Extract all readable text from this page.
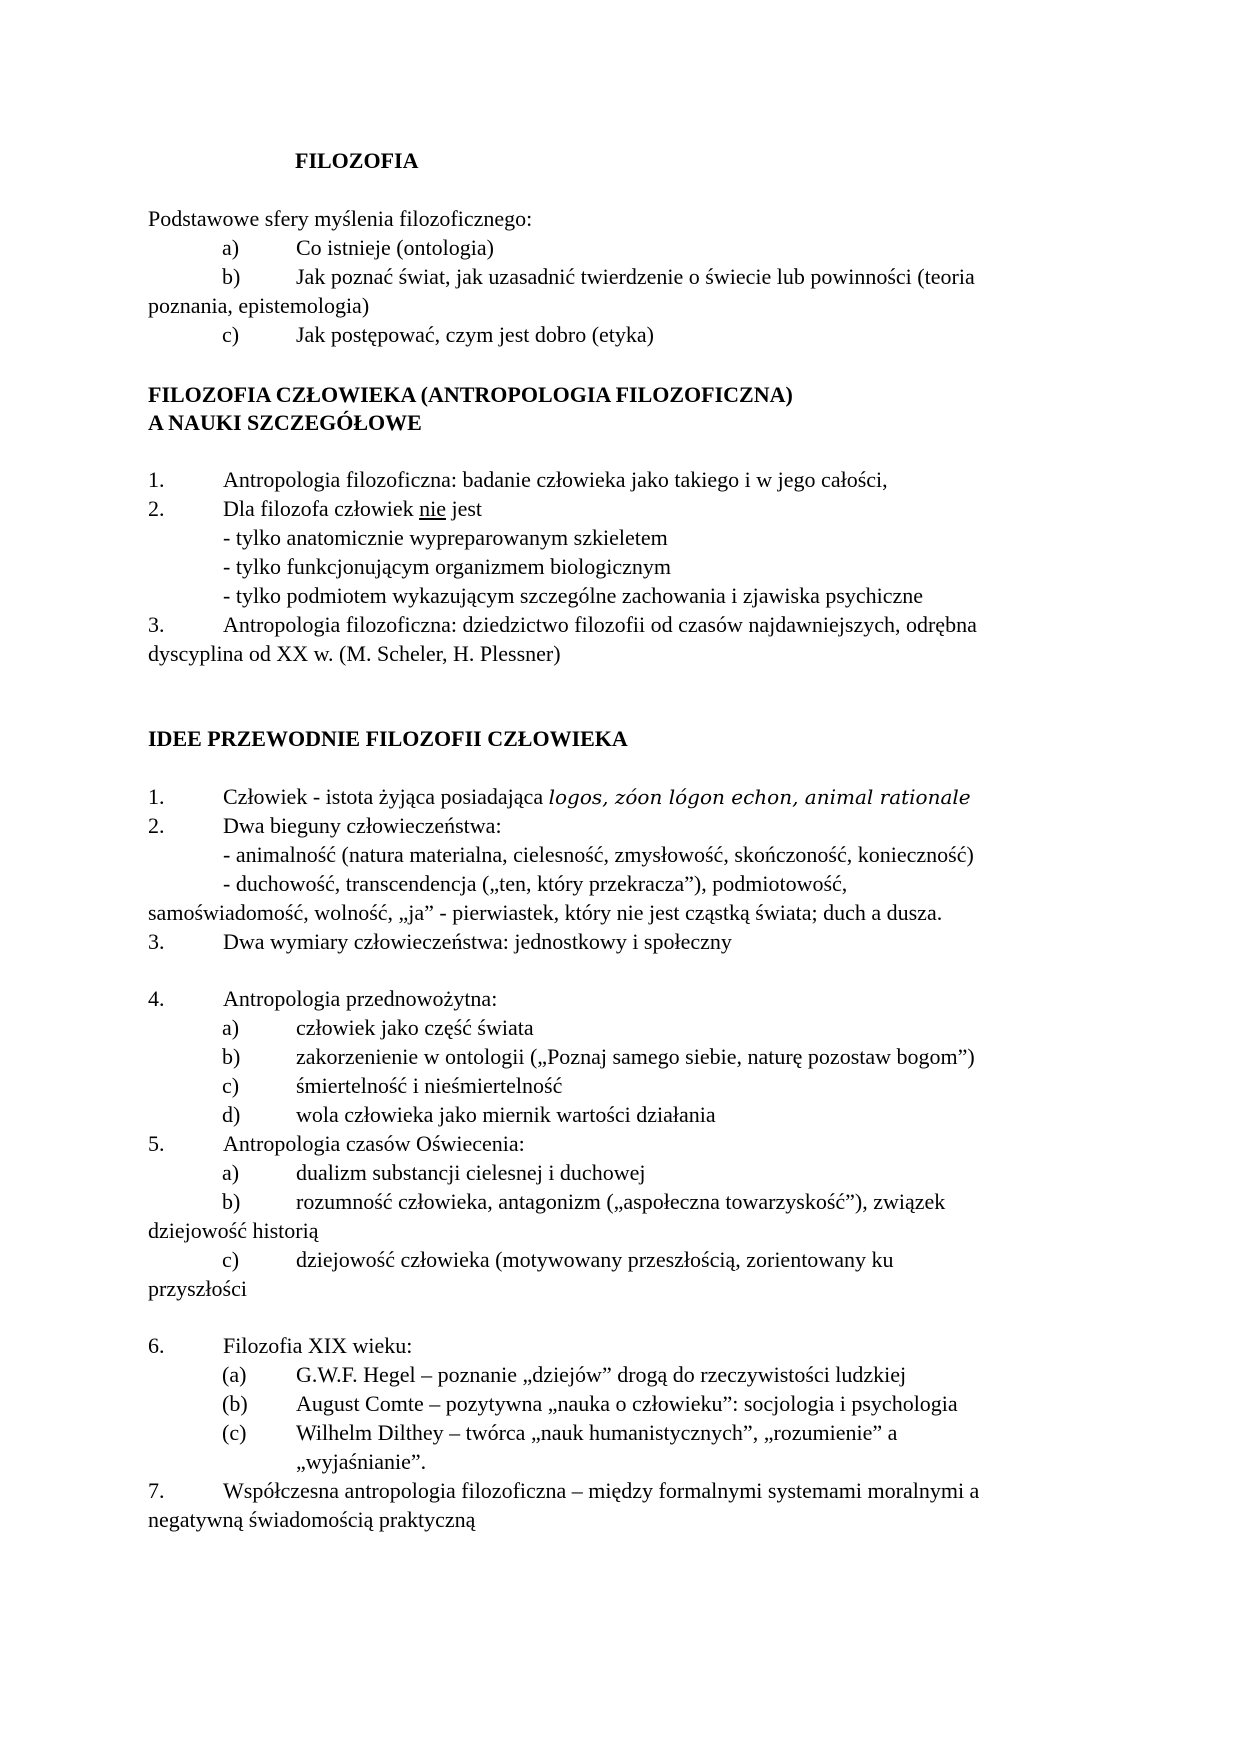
FILOZOFIA
Podstawowe sfery myślenia filozoficznego:
a)	Co istnieje (ontologia)
b)	Jak poznać świat, jak uzasadnić twierdzenie o świecie lub powinności (teoria
poznania, epistemologia)
c)	Jak postępować, czym jest dobro (etyka)
FILOZOFIA CZŁOWIEKA (ANTROPOLOGIA FILOZOFICZNA)
A NAUKI SZCZEGÓŁOWE
1.	Antropologia filozoficzna: badanie człowieka jako takiego i w jego całości,
2.	Dla filozofa człowiek nie jest
- tylko anatomicznie wypreparowanym szkieletem
- tylko funkcjonującym organizmem biologicznym
- tylko podmiotem wykazującym szczególne zachowania i zjawiska psychiczne
3.	Antropologia filozoficzna: dziedzictwo filozofii od czasów najdawniejszych, odrębna
dyscyplina od XX w. (M. Scheler, H. Plessner)
IDEE PRZEWODNIE FILOZOFII CZŁOWIEKA
1.	Człowiek - istota żyjąca posiadająca logos, zóon lógon echon, animal rationale
2.	Dwa bieguny człowieczeństwa:
- animalność (natura materialna, cielesność, zmysłowość, skończoność, konieczność)
- duchowość, transcendencja („ten, który przekracza”), podmiotowość,
samoświadomość, wolność, „ja” - pierwiastek, który nie jest cząstką świata; duch a dusza.
3.	Dwa wymiary człowieczeństwa: jednostkowy i społeczny
4.	Antropologia przednowożytna:
a)	człowiek jako część świata
b)	zakorzenienie w ontologii („Poznaj samego siebie, naturę pozostaw bogom”)
c)	śmiertelność i nieśmiertelność
d)	wola człowieka jako miernik wartości działania
5.	Antropologia czasów Oświecenia:
a)	dualizm substancji cielesnej i duchowej
b)	rozumność człowieka, antagonizm („aspołeczna towarzyskość”), związek
dziejowość historią
c)	dziejowość człowieka (motywowany przeszłością, zorientowany ku
przyszłości
6.	Filozofia XIX wieku:
(a) G.W.F. Hegel – poznanie „dziejów” drogą do rzeczywistości ludzkiej
(b) August Comte – pozytywna „nauka o człowieku”: socjologia i psychologia
(c) Wilhelm Dilthey – twórca „nauk humanistycznych”, „rozumienie” a
„wyjaśnianie”.
7.	Współczesna antropologia filozoficzna – między formalnymi systemami moralnymi a
negatywną świadomością praktyczną
